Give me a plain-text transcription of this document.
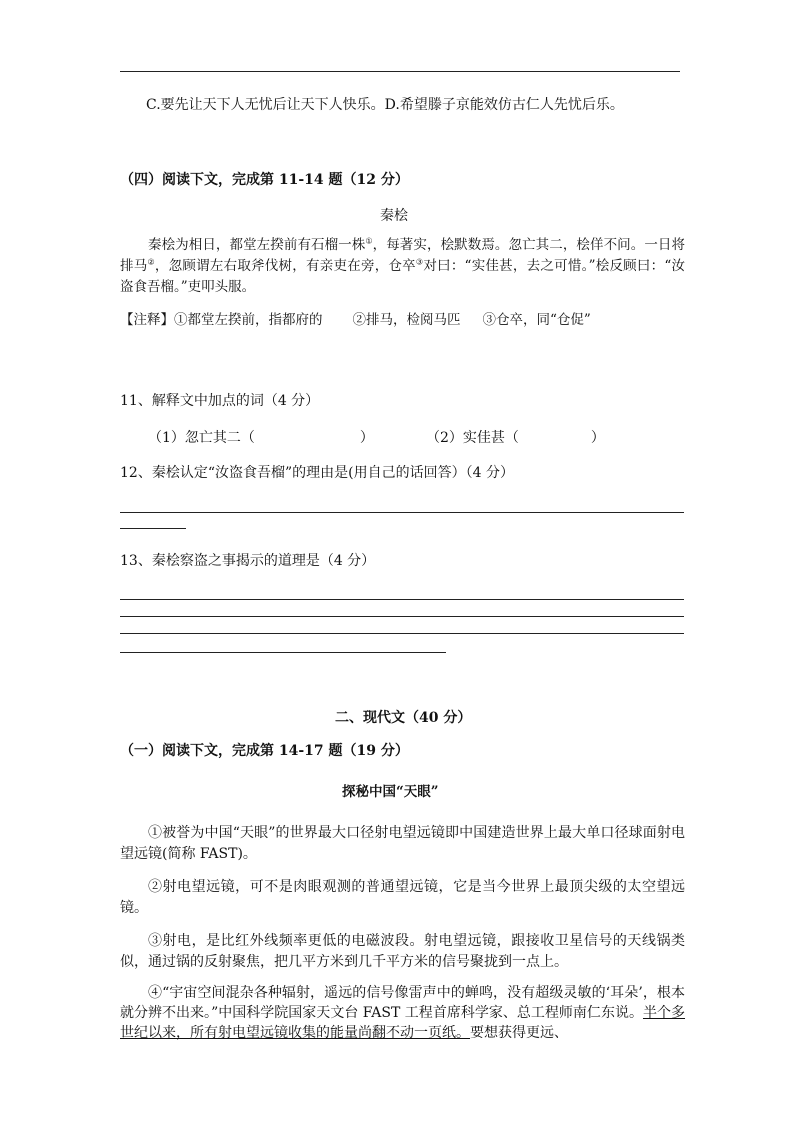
C.要先让天下人无忧后让天下人快乐。D.希望滕子京能效仿古仁人先忧后乐。
（四）阅读下文，完成第 11-14 题（12 分）
秦桧
秦桧为相日，都堂左揆前有石榴一株①，每著实，桧默数焉。忽亡其二，桧佯不问。一日将排马②，忽顾谓左右取斧伐树，有亲吏在旁，仓卒③对曰：“实佳甚，去之可惜。”桧反顾曰：“汝盗食吾榴。”吏叩头服。
【注释】①都堂左揆前，指都府的 ②排马，检阅马匹 ③仓卒，同“仓促”
11、解释文中加点的词（4 分）
（1）忽亡其二（	）	（2）实佳甚（	）
12、秦桧认定“汝盗食吾榴”的理由是(用自己的话回答）（4 分）
13、秦桧察盗之事揭示的道理是（4 分）
二、现代文（40 分）
（一）阅读下文，完成第 14-17 题（19 分）
探秘中国“天眼”
①被誉为中国“天眼”的世界最大口径射电望远镜即中国建造世界上最大单口径球面射电望远镜(简称 FAST)。
②射电望远镜，可不是肉眼观测的普通望远镜，它是当今世界上最顶尖级的太空望远镜。
③射电，是比红外线频率更低的电磁波段。射电望远镜，跟接收卫星信号的天线锅类似，通过锅的反射聚焦，把几平方米到几千平方米的信号聚拢到一点上。
④“宇宙空间混杂各种辐射，遥远的信号像雷声中的蝉鸣，没有超级灵敏的‘耳朵’，根本就分辨不出来。”中国科学院国家天文台 FAST 工程首席科学家、总工程师南仁东说。半个多世纪以来，所有射电望远镜收集的能量尚翻不动一页纸。要想获得更远、
